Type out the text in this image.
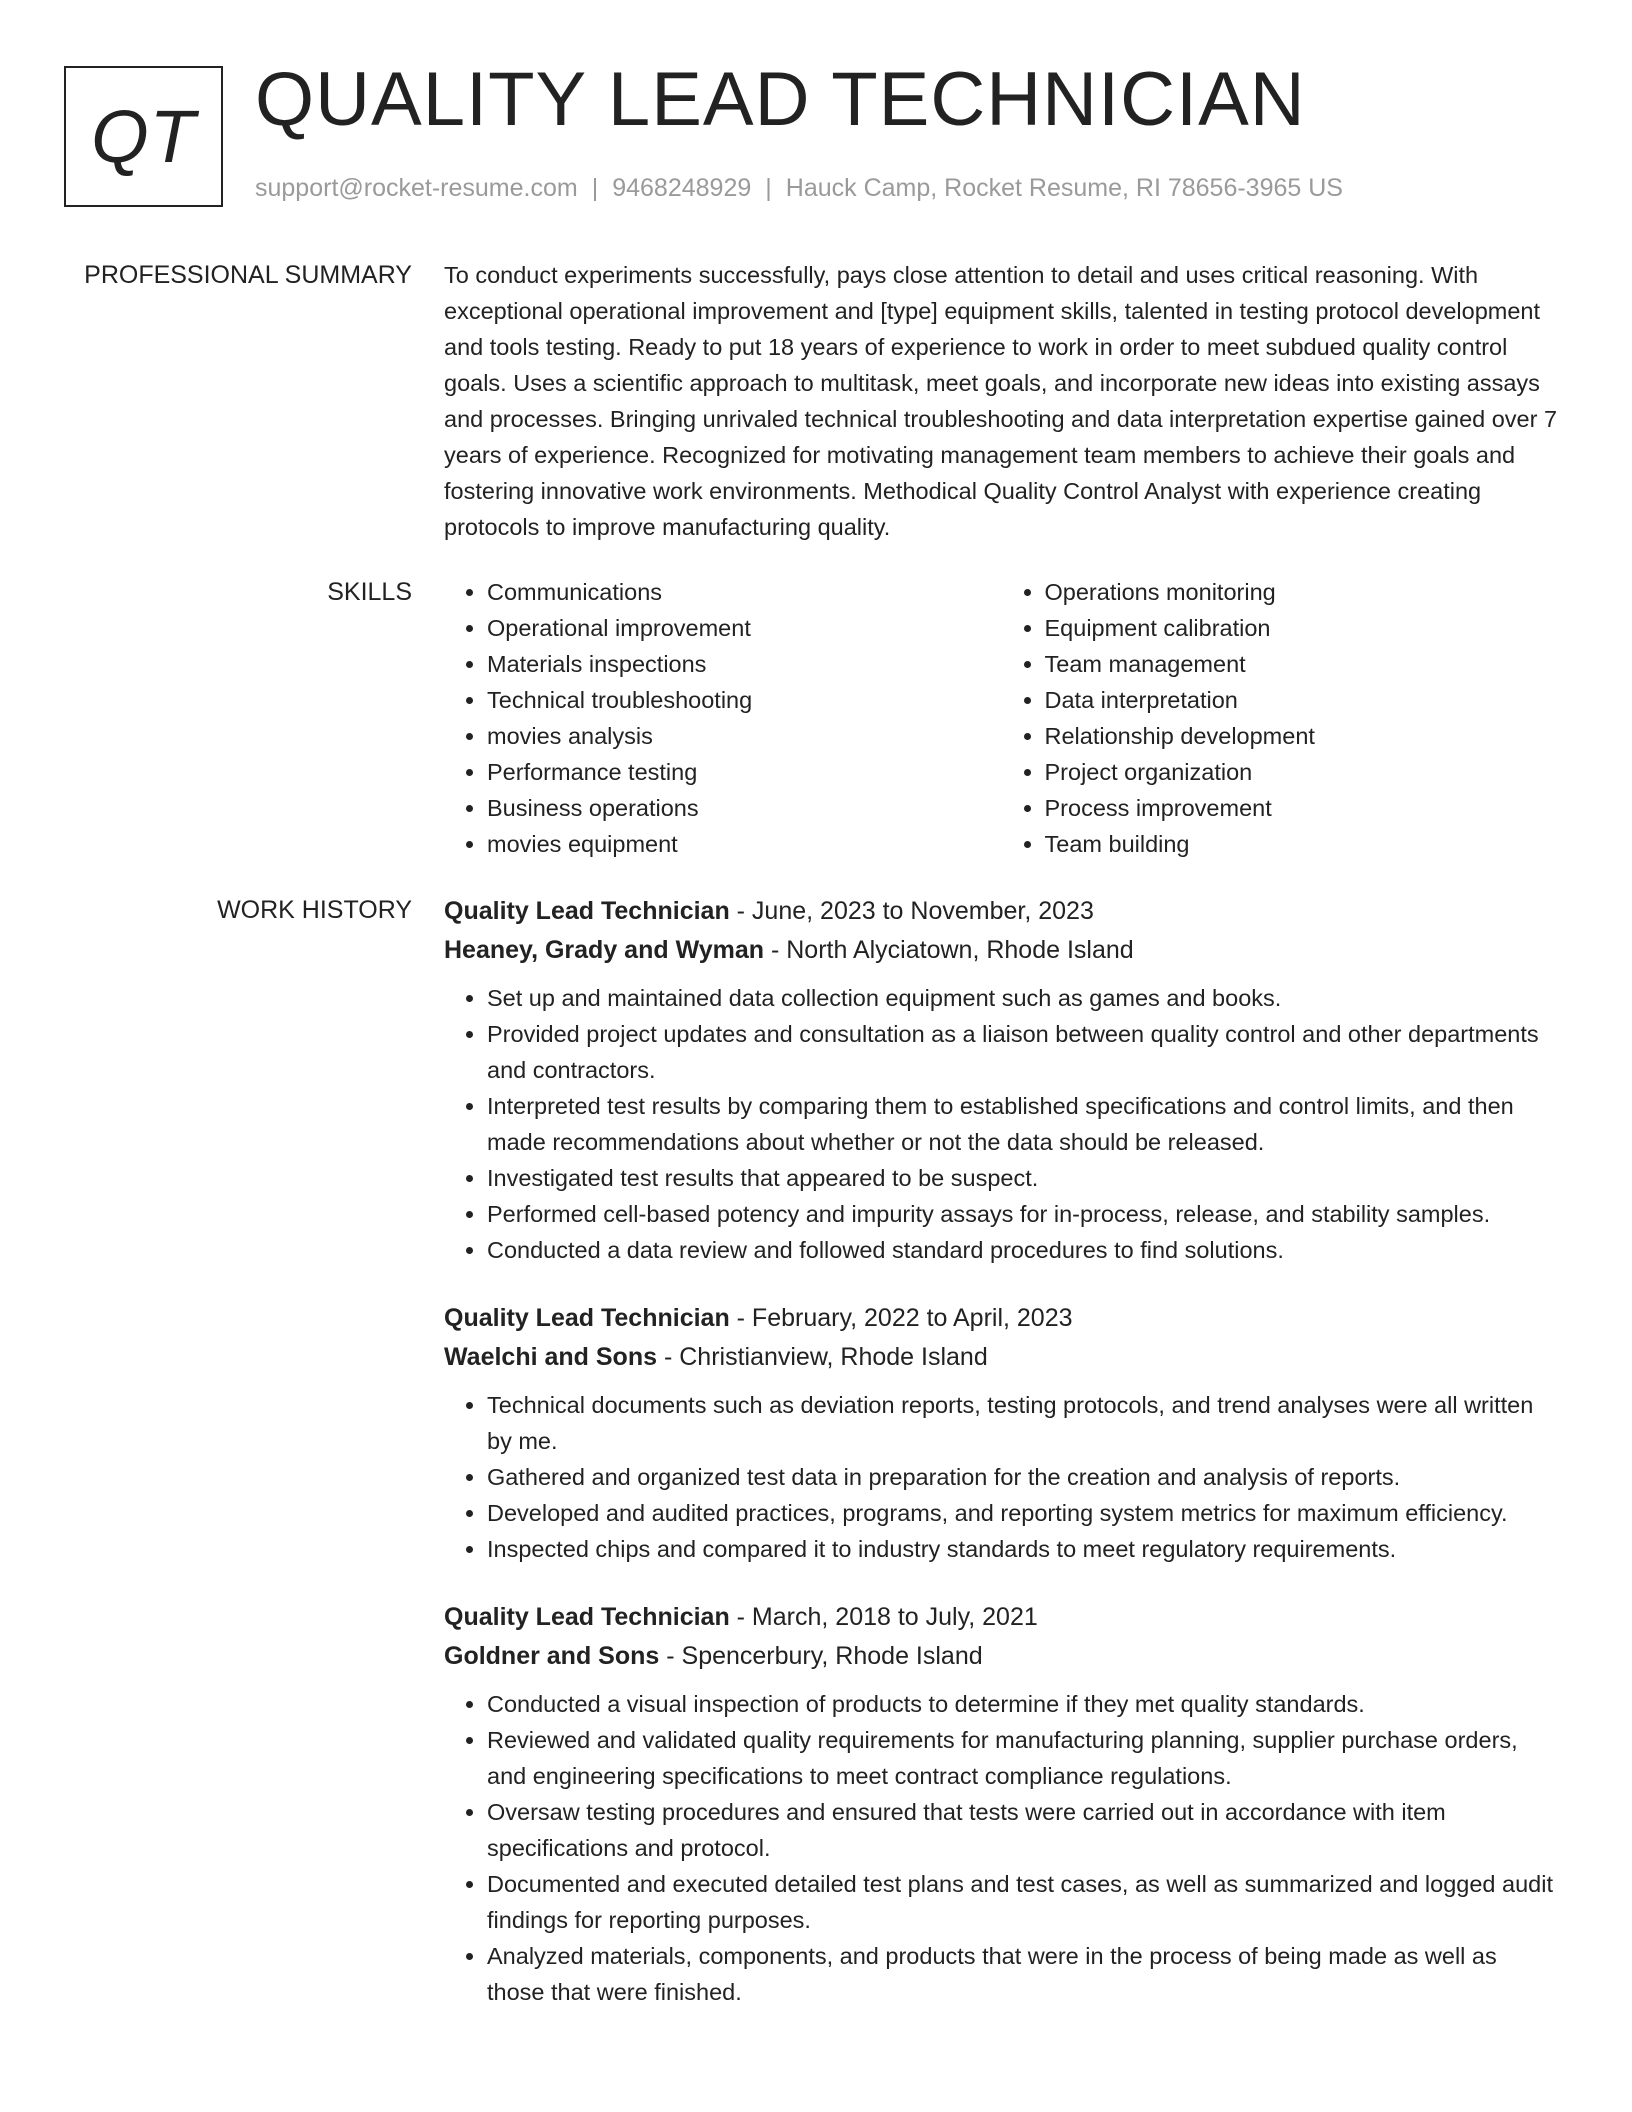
QT QUALITY LEAD TECHNICIAN
support@rocket-resume.com | 9468248929 | Hauck Camp, Rocket Resume, RI 78656-3965 US
PROFESSIONAL SUMMARY To conduct experiments successfully, pays close attention to detail and uses critical reasoning. With exceptional operational improvement and [type] equipment skills, talented in testing protocol development and tools testing. Ready to put 18 years of experience to work in order to meet subdued quality control goals. Uses a scientific approach to multitask, meet goals, and incorporate new ideas into existing assays and processes. Bringing unrivaled technical troubleshooting and data interpretation expertise gained over 7 years of experience. Recognized for motivating management team members to achieve their goals and fostering innovative work environments. Methodical Quality Control Analyst with experience creating protocols to improve manufacturing quality.

SKILLS
•	Communications
• Operational improvement
• Materials inspections
• Technical troubleshooting
• movies analysis
• Performance testing
• Business operations
• movies equipment
• Operations monitoring
• Equipment calibration
• Team management
• Data interpretation
• Relationship development
• Project organization
• Process improvement
• Team building
WORK HISTORY Quality Lead Technician - June, 2023 to November, 2023
Heaney, Grady and Wyman - North Alyciatown, Rhode Island
• Set up and maintained data collection equipment such as games and books.
• Provided project updates and consultation as a liaison between quality control and other departments and contractors.
• Interpreted test results by comparing them to established specifications and control limits, and then made recommendations about whether or not the data should be released.
• Investigated test results that appeared to be suspect.
• Performed cell-based potency and impurity assays for in-process, release, and stability samples.
• Conducted a data review and followed standard procedures to find solutions.
Quality Lead Technician - February, 2022 to April, 2023
Waelchi and Sons - Christianview, Rhode Island
• Technical documents such as deviation reports, testing protocols, and trend analyses were all written by me.
• Gathered and organized test data in preparation for the creation and analysis of reports.
• Developed and audited practices, programs, and reporting system metrics for maximum efficiency.
• Inspected chips and compared it to industry standards to meet regulatory requirements.
Quality Lead Technician - March, 2018 to July, 2021
Goldner and Sons - Spencerbury, Rhode Island
• Conducted a visual inspection of products to determine if they met quality standards.
• Reviewed and validated quality requirements for manufacturing planning, supplier purchase orders, and engineering specifications to meet contract compliance regulations.
• Oversaw testing procedures and ensured that tests were carried out in accordance with item specifications and protocol.
• Documented and executed detailed test plans and test cases, as well as summarized and logged audit findings for reporting purposes.
• Analyzed materials, components, and products that were in the process of being made as well as those that were finished.
